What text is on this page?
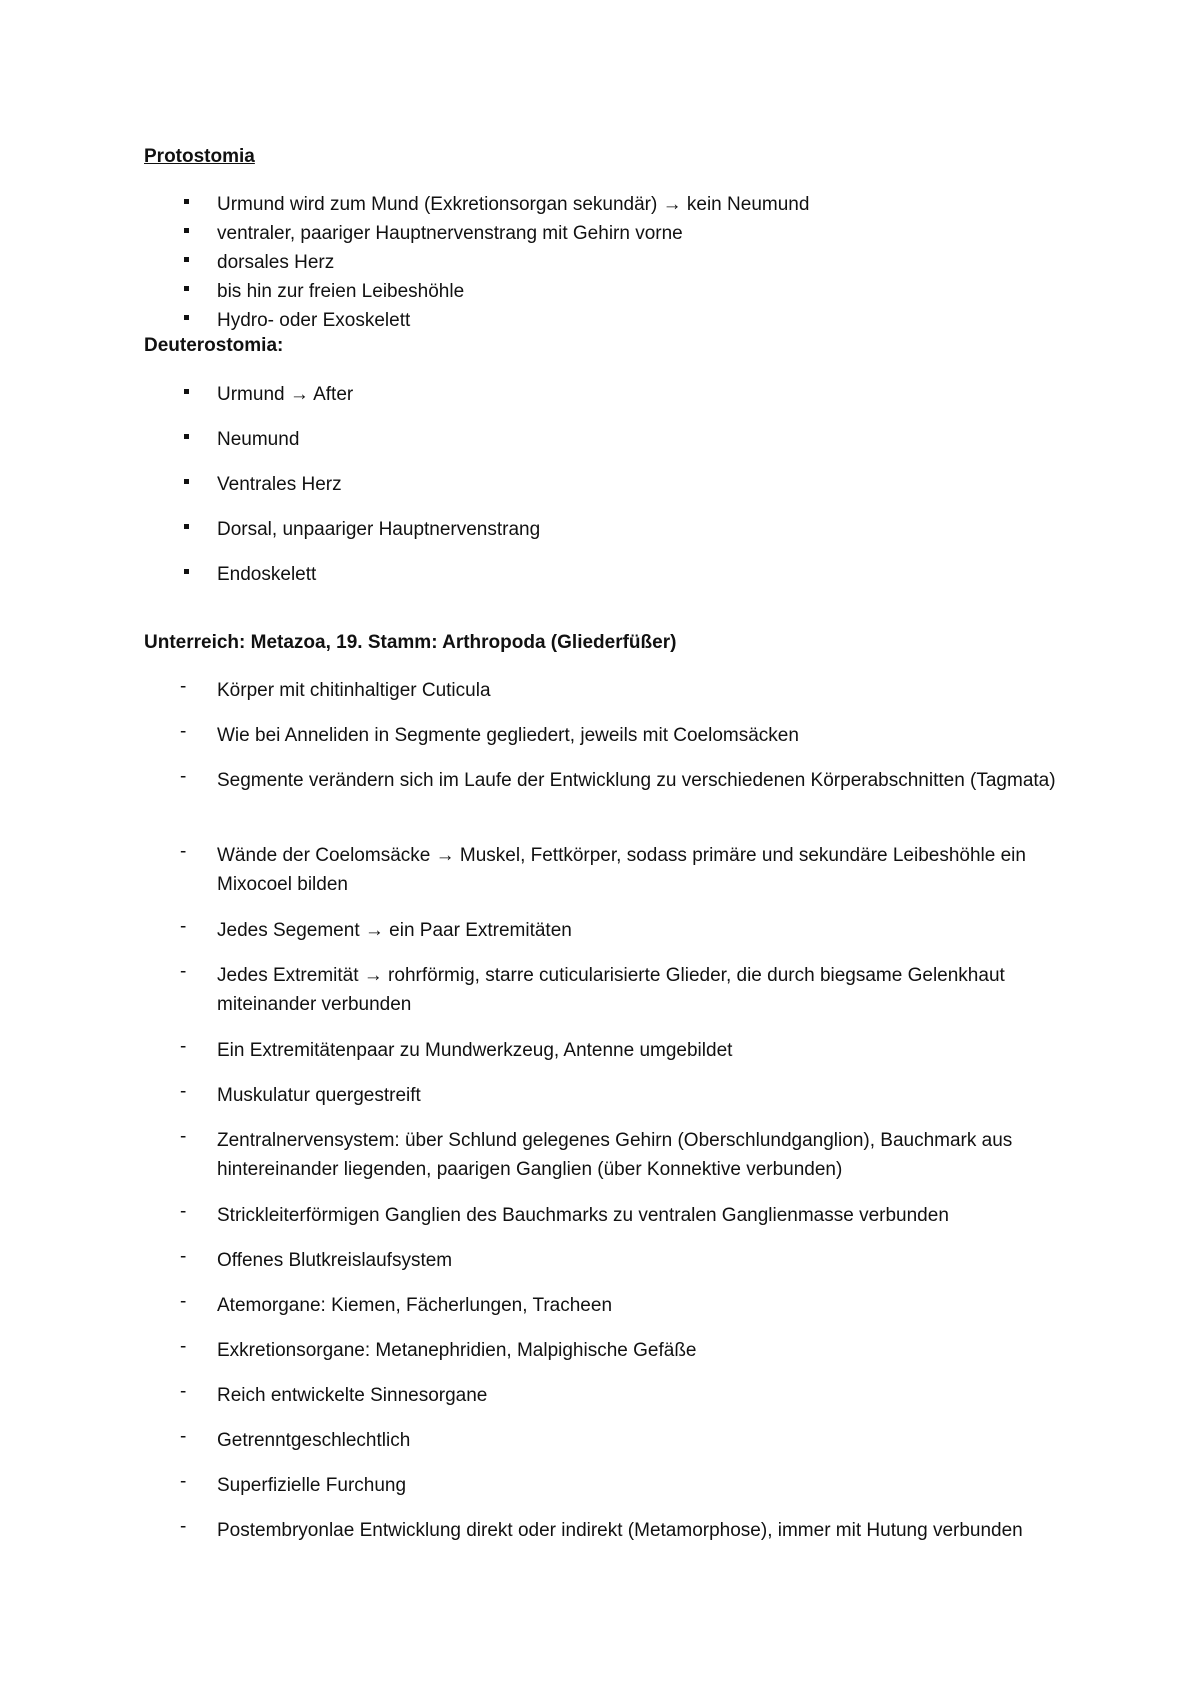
Protostomia
Urmund wird zum Mund (Exkretionsorgan sekundär) → kein Neumund
ventraler, paariger Hauptnervenstrang mit Gehirn vorne
dorsales Herz
bis hin zur freien Leibeshöhle
Hydro- oder Exoskelett
Deuterostomia:
Urmund → After
Neumund
Ventrales Herz
Dorsal, unpaariger Hauptnervenstrang
Endoskelett
Unterreich: Metazoa, 19. Stamm: Arthropoda (Gliederfüßer)
-	Körper mit chitinhaltiger Cuticula
-	Wie bei Anneliden in Segmente gegliedert, jeweils mit Coelomsäcken
-	Segmente verändern sich im Laufe der Entwicklung zu verschiedenen Körperabschnitten (Tagmata)
-	Wände der Coelomsäcke → Muskel, Fettkörper, sodass primäre und sekundäre Leibeshöhle ein Mixocoel bilden
-	Jedes Segement → ein Paar Extremitäten
-	Jedes Extremität → rohrförmig, starre cuticularisierte Glieder, die durch biegsame Gelenkhaut miteinander verbunden
-	Ein Extremitätenpaar zu Mundwerkzeug, Antenne umgebildet
-	Muskulatur quergestreift
-	Zentralnervensystem: über Schlund gelegenes Gehirn (Oberschlundganglion), Bauchmark aus hintereinander liegenden, paarigen Ganglien (über Konnektive verbunden)
-	Strickleiterförmigen Ganglien des Bauchmarks zu ventralen Ganglienmasse verbunden
-	Offenes Blutkreislaufsystem
-	Atemorgane: Kiemen, Fächerlungen, Tracheen
-	Exkretionsorgane: Metanephridien, Malpighische Gefäße
-	Reich entwickelte Sinnesorgane
-	Getrenntgeschlechtlich
-	Superfizielle Furchung
-	Postembryonlae Entwicklung direkt oder indirekt (Metamorphose), immer mit Hutung verbunden
